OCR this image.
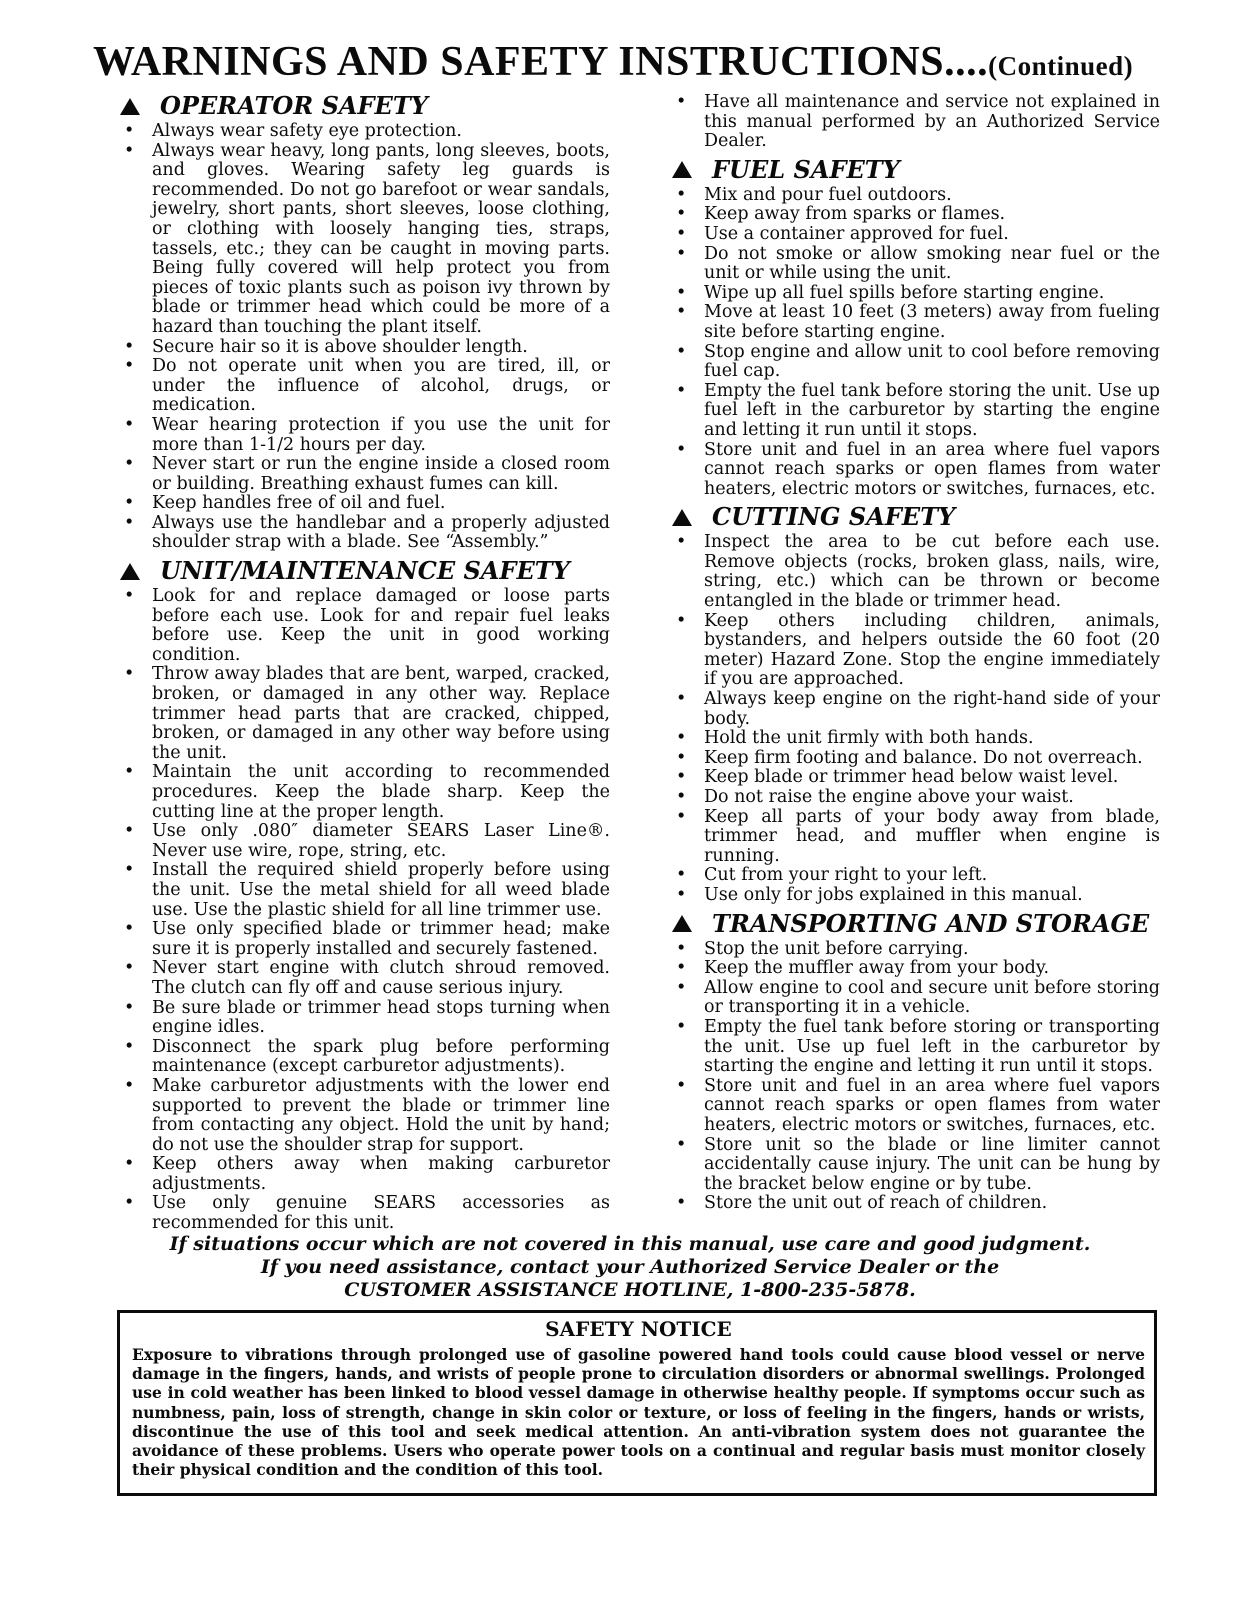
WARNINGS AND SAFETY INSTRUCTIONS....(Continued)
OPERATOR SAFETY
• Always wear safety eye protection.
• Always wear heavy, long pants, long sleeves, boots, and gloves. Wearing safety leg guards is recommended. Do not go barefoot or wear sandals, jewelry, short pants, short sleeves, loose clothing, or clothing with loosely hanging ties, straps, tassels, etc.; they can be caught in moving parts. Being fully covered will help protect you from pieces of toxic plants such as poison ivy thrown by blade or trimmer head which could be more of a hazard than touching the plant itself.
• Secure hair so it is above shoulder length.
• Do not operate unit when you are tired, ill, or under the influence of alcohol, drugs, or medication.
• Wear hearing protection if you use the unit for more than 1-1/2 hours per day.
• Never start or run the engine inside a closed room or building. Breathing exhaust fumes can kill.
• Keep handles free of oil and fuel.
• Always use the handlebar and a properly adjusted shoulder strap with a blade. See “Assembly.”
UNIT/MAINTENANCE SAFETY
• Look for and replace damaged or loose parts before each use. Look for and repair fuel leaks before use. Keep the unit in good working condition.
• Throw away blades that are bent, warped, cracked, broken, or damaged in any other way. Replace trimmer head parts that are cracked, chipped, broken, or damaged in any other way before using the unit.
• Maintain the unit according to recommended procedures. Keep the blade sharp. Keep the cutting line at the proper length.
• Use only .080″ diameter SEARS Laser Line®. Never use wire, rope, string, etc.
• Install the required shield properly before using the unit. Use the metal shield for all weed blade use. Use the plastic shield for all line trimmer use.
• Use only specified blade or trimmer head; make sure it is properly installed and securely fastened.
• Never start engine with clutch shroud removed. The clutch can fly off and cause serious injury.
• Be sure blade or trimmer head stops turning when engine idles.
• Disconnect the spark plug before performing maintenance (except carburetor adjustments).
• Make carburetor adjustments with the lower end supported to prevent the blade or trimmer line from contacting any object. Hold the unit by hand; do not use the shoulder strap for support.
• Keep others away when making carburetor adjustments.
• Use only genuine SEARS accessories as recommended for this unit.
• Have all maintenance and service not explained in this manual performed by an Authorized Service Dealer.
FUEL SAFETY
• Mix and pour fuel outdoors.
• Keep away from sparks or flames.
• Use a container approved for fuel.
• Do not smoke or allow smoking near fuel or the unit or while using the unit.
• Wipe up all fuel spills before starting engine.
• Move at least 10 feet (3 meters) away from fueling site before starting engine.
• Stop engine and allow unit to cool before removing fuel cap.
• Empty the fuel tank before storing the unit. Use up fuel left in the carburetor by starting the engine and letting it run until it stops.
• Store unit and fuel in an area where fuel vapors cannot reach sparks or open flames from water heaters, electric motors or switches, furnaces, etc.
CUTTING SAFETY
• Inspect the area to be cut before each use. Remove objects (rocks, broken glass, nails, wire, string, etc.) which can be thrown or become entangled in the blade or trimmer head.
• Keep others including children, animals, bystanders, and helpers outside the 60 foot (20 meter) Hazard Zone. Stop the engine immediately if you are approached.
• Always keep engine on the right-hand side of your body.
• Hold the unit firmly with both hands.
• Keep firm footing and balance. Do not overreach.
• Keep blade or trimmer head below waist level.
• Do not raise the engine above your waist.
• Keep all parts of your body away from blade, trimmer head, and muffler when engine is running.
• Cut from your right to your left.
• Use only for jobs explained in this manual.
TRANSPORTING AND STORAGE
• Stop the unit before carrying.
• Keep the muffler away from your body.
• Allow engine to cool and secure unit before storing or transporting it in a vehicle.
• Empty the fuel tank before storing or transporting the unit. Use up fuel left in the carburetor by starting the engine and letting it run until it stops.
• Store unit and fuel in an area where fuel vapors cannot reach sparks or open flames from water heaters, electric motors or switches, furnaces, etc.
• Store unit so the blade or line limiter cannot accidentally cause injury. The unit can be hung by the bracket below engine or by tube.
• Store the unit out of reach of children.
If situations occur which are not covered in this manual, use care and good judgment.
If you need assistance, contact your Authorized Service Dealer or the
CUSTOMER ASSISTANCE HOTLINE, 1-800-235-5878.
SAFETY NOTICE
Exposure to vibrations through prolonged use of gasoline powered hand tools could cause blood vessel or nerve damage in the fingers, hands, and wrists of people prone to circulation disorders or abnormal swellings. Prolonged use in cold weather has been linked to blood vessel damage in otherwise healthy people. If symptoms occur such as numbness, pain, loss of strength, change in skin color or texture, or loss of feeling in the fingers, hands or wrists, discontinue the use of this tool and seek medical attention. An anti-vibration system does not guarantee the avoidance of these problems. Users who operate power tools on a continual and regular basis must monitor closely their physical condition and the condition of this tool.
